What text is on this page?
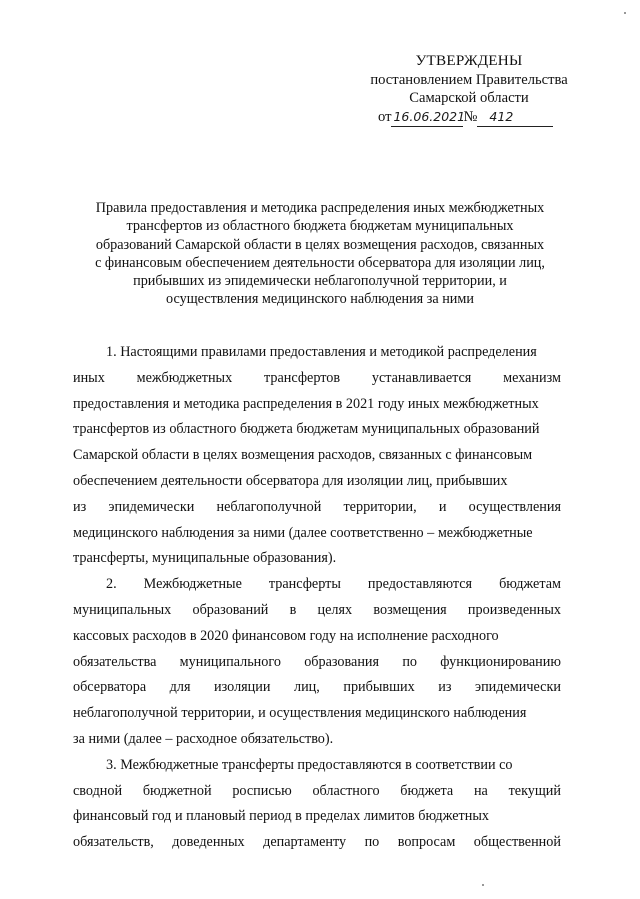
УТВЕРЖДЕНЫ
постановлением Правительства
Самарской области
от 16.06.2021№ 412
Правила предоставления и методика распределения иных межбюджетных
трансфертов из областного бюджета бюджетам муниципальных
образований Самарской области в целях возмещения расходов, связанных
с финансовым обеспечением деятельности обсерватора для изоляции лиц,
прибывших из эпидемически неблагополучной территории, и
осуществления медицинского наблюдения за ними
1. Настоящими правилами предоставления и методикой распределения
иных межбюджетных трансфертов устанавливается механизм
предоставления и методика распределения в 2021 году иных межбюджетных
трансфертов из областного бюджета бюджетам муниципальных образований
Самарской области в целях возмещения расходов, связанных с финансовым
обеспечением деятельности обсерватора для изоляции лиц, прибывших
из эпидемически неблагополучной территории, и осуществления
медицинского наблюдения за ними (далее соответственно – межбюджетные
трансферты, муниципальные образования).
2. Межбюджетные трансферты предоставляются бюджетам
муниципальных образований в целях возмещения произведенных
кассовых расходов в 2020 финансовом году на исполнение расходного
обязательства муниципального образования по функционированию
обсерватора для изоляции лиц, прибывших из эпидемически
неблагополучной территории, и осуществления медицинского наблюдения
за ними (далее – расходное обязательство).
3. Межбюджетные трансферты предоставляются в соответствии со
сводной бюджетной росписью областного бюджета на текущий
финансовый год и плановый период в пределах лимитов бюджетных
обязательств, доведенных департаменту по вопросам общественной
